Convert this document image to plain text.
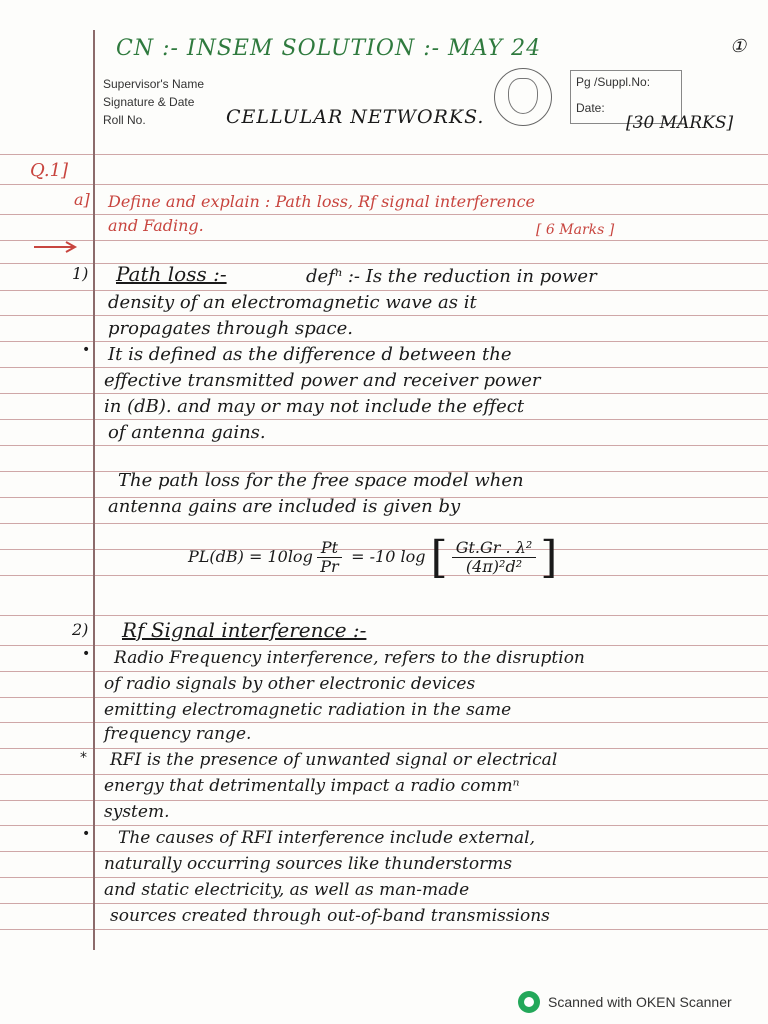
CN :- INSEM SOLUTION :- MAY 24	①
Supervisor's Name
Signature & Date
Roll No.	CELLULAR NETWORKS.
Pg /Suppl.No:
Date:
[30 MARKS]
Q.1]
a] Define and explain : Path loss, Rf signal interference
and Fading.	[ 6 Marks ]
1) Path loss :-	defⁿ :- Is the reduction in power
density of an electromagnetic wave as it
propagates through space.
• It is defined as the difference d between the
effective transmitted power and receiver power
in (dB). and may or may not include the effect
of antenna gains.
The path loss for the free space model when
antenna gains are included is given by
$PL(dB) = 10\log \frac{Pt}{Pr} = -10$ log [ $\frac{\text{Gt.Gr . λ²}}{\text{(4π)²d²}}$ ]
2) Rf Signal interference :-
• Radio Frequency interference, refers to the disruption
of radio signals by other electronic devices
emitting electromagnetic radiation in the same
frequency range.
* RFI is the presence of unwanted signal or electrical
energy that detrimentally impact a radio commⁿ
system.
• The causes of RFI interference include external,
naturally occurring sources like thunderstorms
and static electricity, as well as man-made
sources created through out-of-band transmissions
Scanned with OKEN Scanner
